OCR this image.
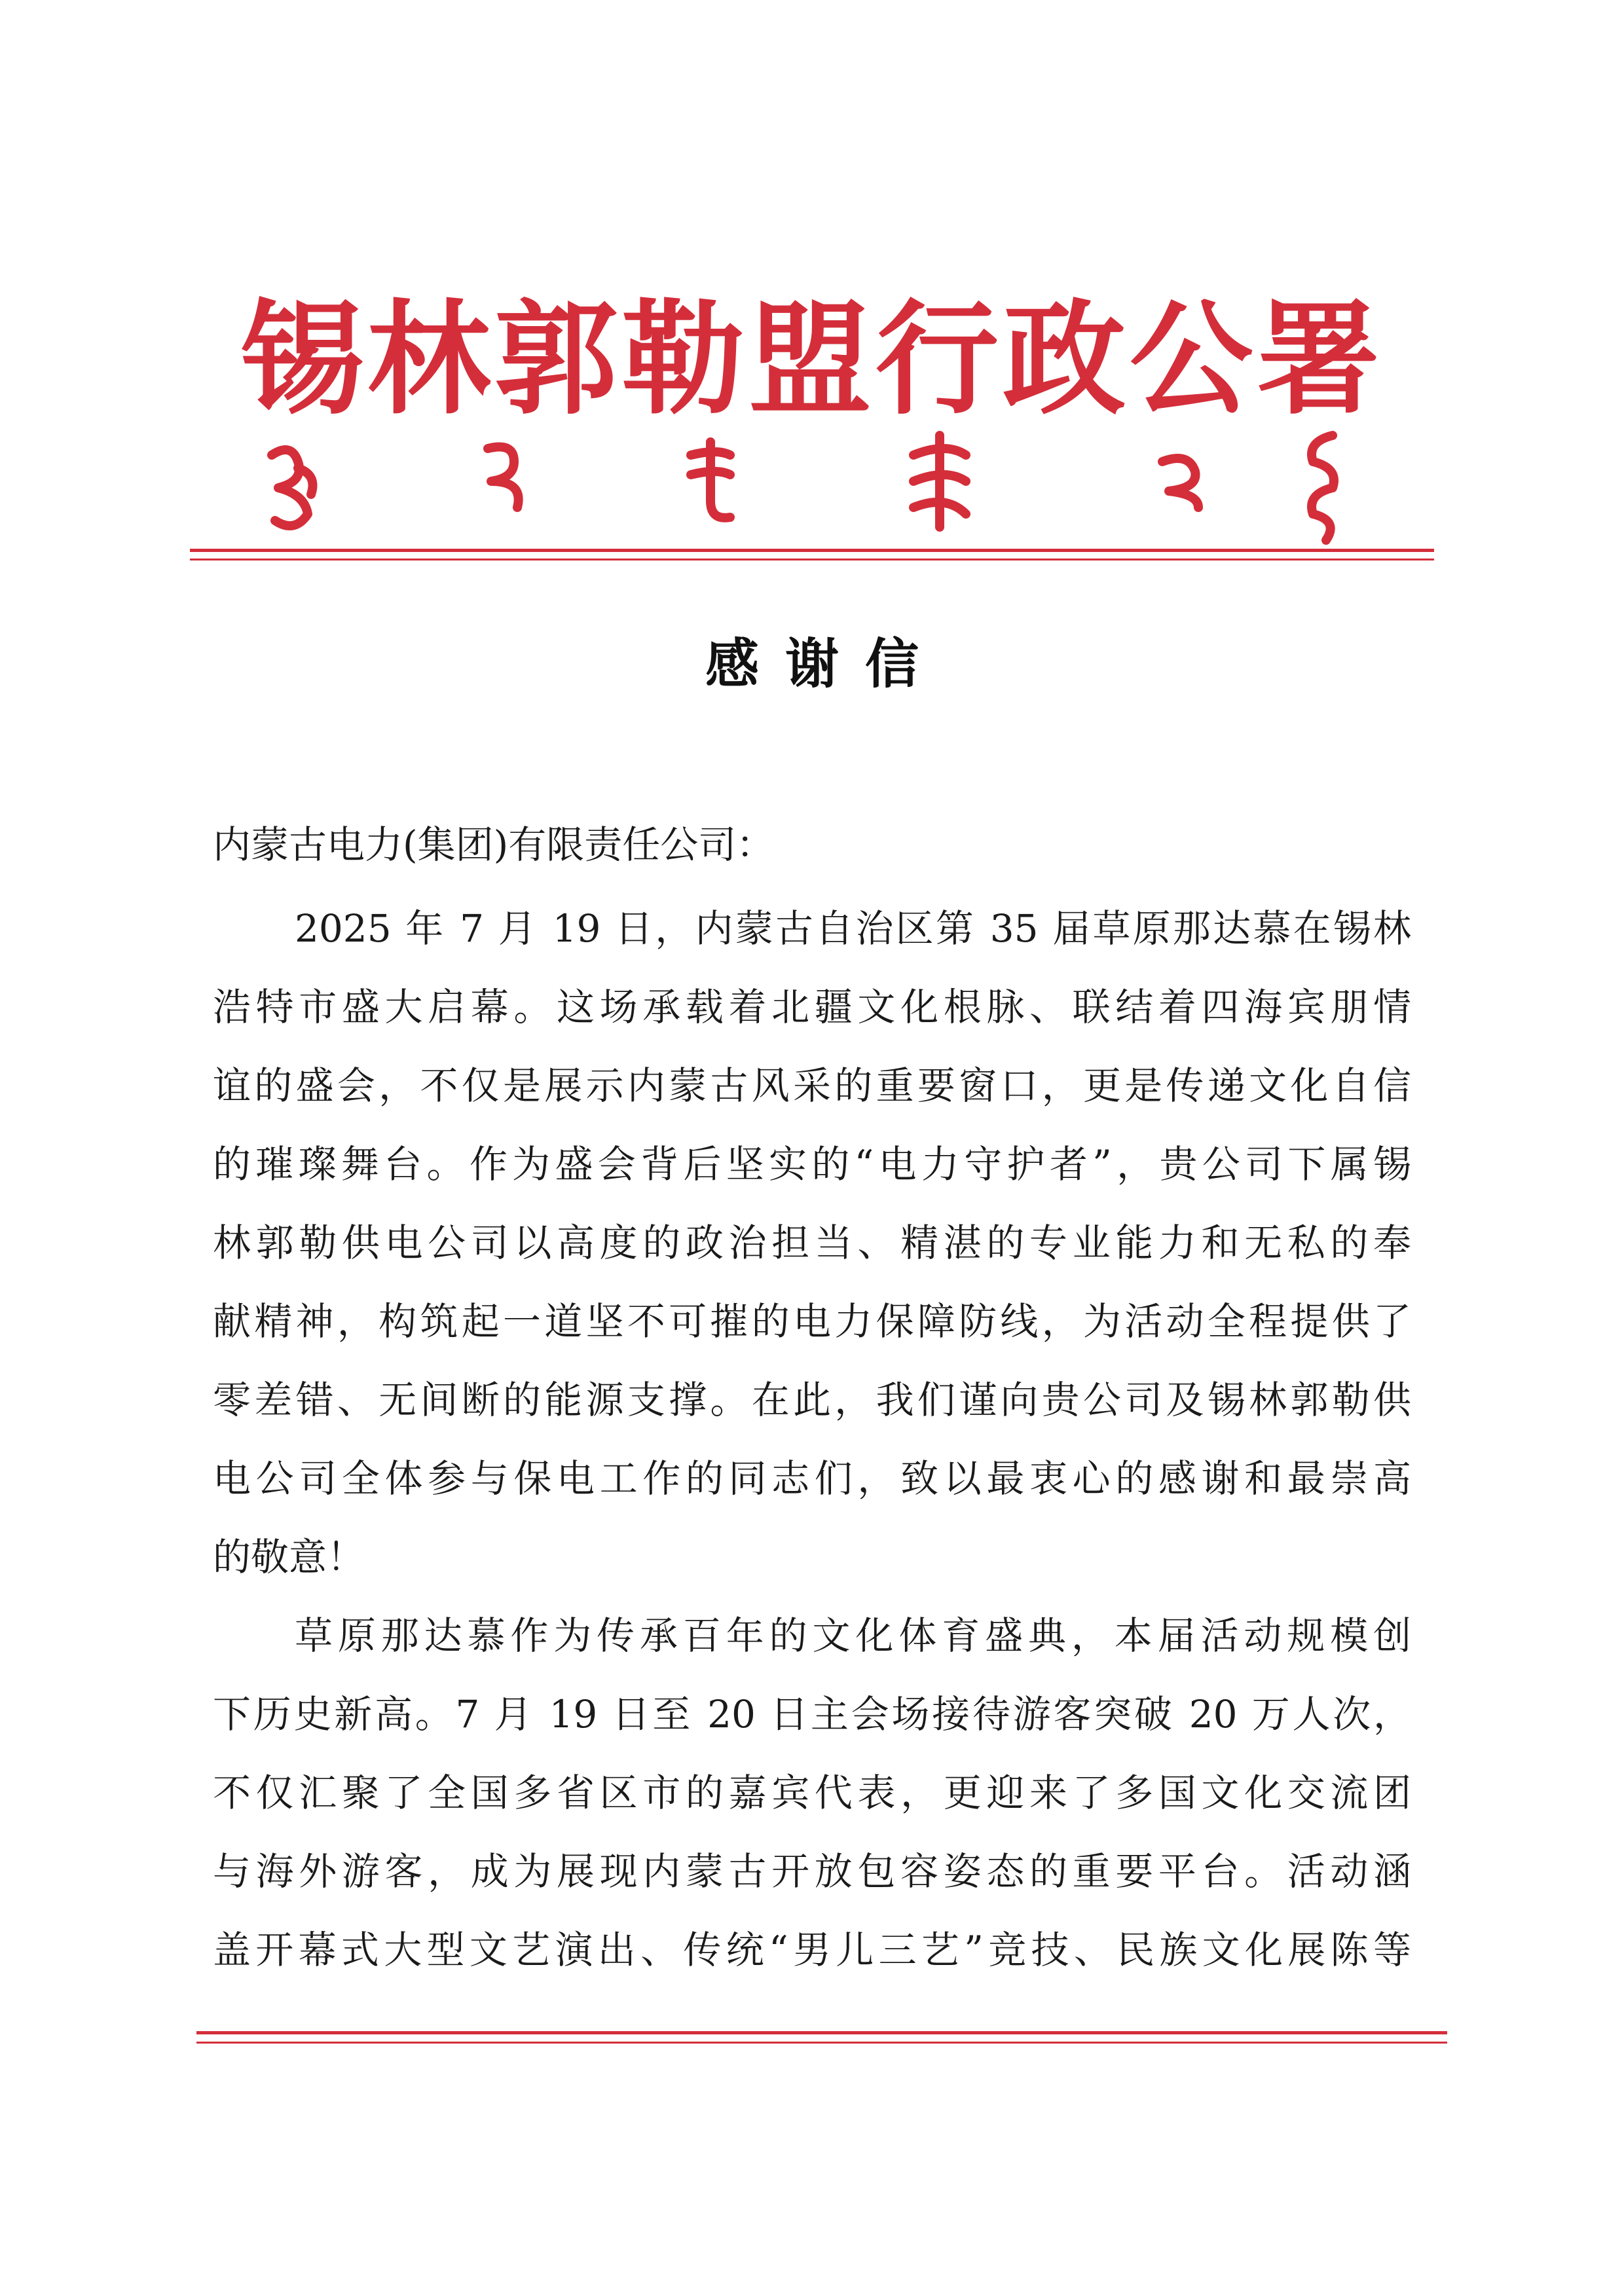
锡林郭勒盟行政公署
感谢信
内蒙古电力(集团)有限责任公司：
2025 年 7 月 19 日，内蒙古自治区第 35 届草原那达慕在锡林
浩特市盛大启幕。这场承载着北疆文化根脉、联结着四海宾朋情
谊的盛会，不仅是展示内蒙古风采的重要窗口，更是传递文化自信
的璀璨舞台。作为盛会背后坚实的“电力守护者”，贵公司下属锡
林郭勒供电公司以高度的政治担当、精湛的专业能力和无私的奉
献精神，构筑起一道坚不可摧的电力保障防线，为活动全程提供了
零差错、无间断的能源支撑。在此，我们谨向贵公司及锡林郭勒供
电公司全体参与保电工作的同志们，致以最衷心的感谢和最崇高
的敬意！
草原那达慕作为传承百年的文化体育盛典，本届活动规模创
下历史新高。7 月 19 日至 20 日主会场接待游客突破 20 万人次，
不仅汇聚了全国多省区市的嘉宾代表，更迎来了多国文化交流团
与海外游客，成为展现内蒙古开放包容姿态的重要平台。活动涵
盖开幕式大型文艺演出、传统“男儿三艺”竞技、民族文化展陈等
